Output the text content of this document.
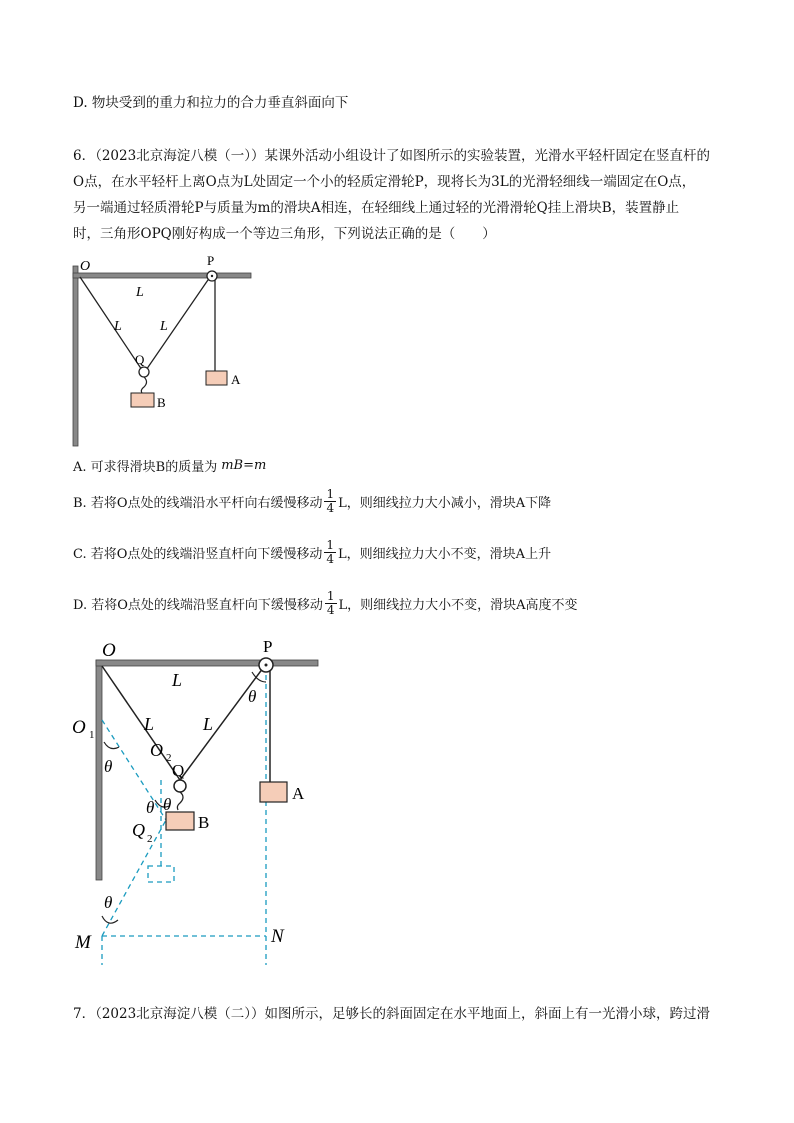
D. 物块受到的重力和拉力的合力垂直斜面向下
6．（2023北京海淀八模（一））某课外活动小组设计了如图所示的实验装置，光滑水平轻杆固定在竖直杆的
O点，在水平轻杆上离O点为L处固定一个小的轻质定滑轮P，现将长为3L的光滑轻细线一端固定在O点，
另一端通过轻质滑轮P与质量为m的滑块A相连，在轻细线上通过轻的光滑滑轮Q挂上滑块B，装置静止
时，三角形OPQ刚好构成一个等边三角形，下列说法正确的是（　　）
O	P
L
L	L
Q
A
B
A. 可求得滑块B的质量为 mB=m
B. 若将O点处的线端沿水平杆向右缓慢移动 $\frac{1}{4}$ L，则细线拉力大小减小，滑块A下降
C. 若将O点处的线端沿竖直杆向下缓慢移动 $\frac{1}{4}$ L，则细线拉力大小不变，滑块A上升
D. 若将O点处的线端沿竖直杆向下缓慢移动 $\frac{1}{4}$ L，则细线拉力大小不变，滑块A高度不变
O	P
L
L	L
θ
O 1
θ
O 2
Q
θ θ
Q 2
A
B
θ
M	N
7．（2023北京海淀八模（二））如图所示，足够长的斜面固定在水平地面上，斜面上有一光滑小球，跨过滑
